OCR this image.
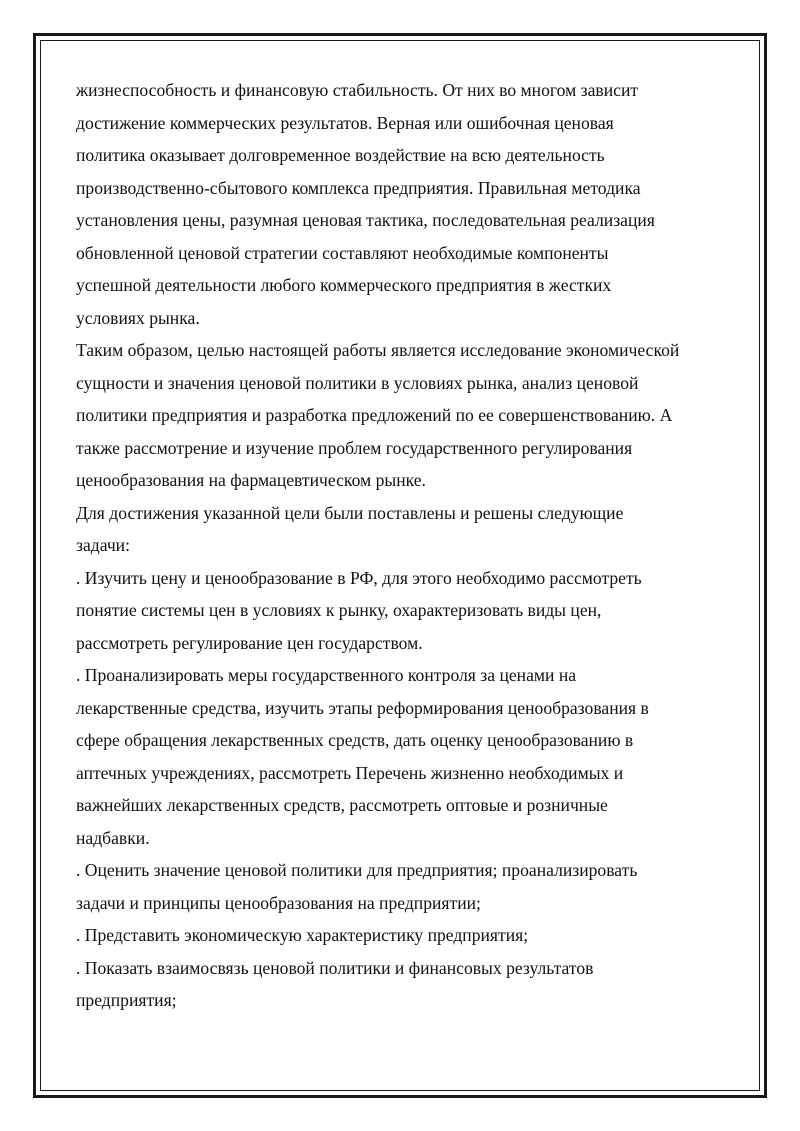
жизнеспособность и финансовую стабильность. От них во многом зависит
достижение коммерческих результатов. Верная или ошибочная ценовая
политика оказывает долговременное воздействие на всю деятельность
производственно-сбытового комплекса предприятия. Правильная методика
установления цены, разумная ценовая тактика, последовательная реализация
обновленной ценовой стратегии составляют необходимые компоненты
успешной деятельности любого коммерческого предприятия в жестких
условиях рынка.
Таким образом, целью настоящей работы является исследование экономической
сущности и значения ценовой политики в условиях рынка, анализ ценовой
политики предприятия и разработка предложений по ее совершенствованию. А
также рассмотрение и изучение проблем государственного регулирования
ценообразования на фармацевтическом рынке.
Для достижения указанной цели были поставлены и решены следующие
задачи:
. Изучить цену и ценообразование в РФ, для этого необходимо рассмотреть
понятие системы цен в условиях к рынку, охарактеризовать виды цен,
рассмотреть регулирование цен государством.
. Проанализировать меры государственного контроля за ценами на
лекарственные средства, изучить этапы реформирования ценообразования в
сфере обращения лекарственных средств, дать оценку ценообразованию в
аптечных учреждениях, рассмотреть Перечень жизненно необходимых и
важнейших лекарственных средств, рассмотреть оптовые и розничные
надбавки.
. Оценить значение ценовой политики для предприятия; проанализировать
задачи и принципы ценообразования на предприятии;
. Представить экономическую характеристику предприятия;
. Показать взаимосвязь ценовой политики и финансовых результатов
предприятия;
